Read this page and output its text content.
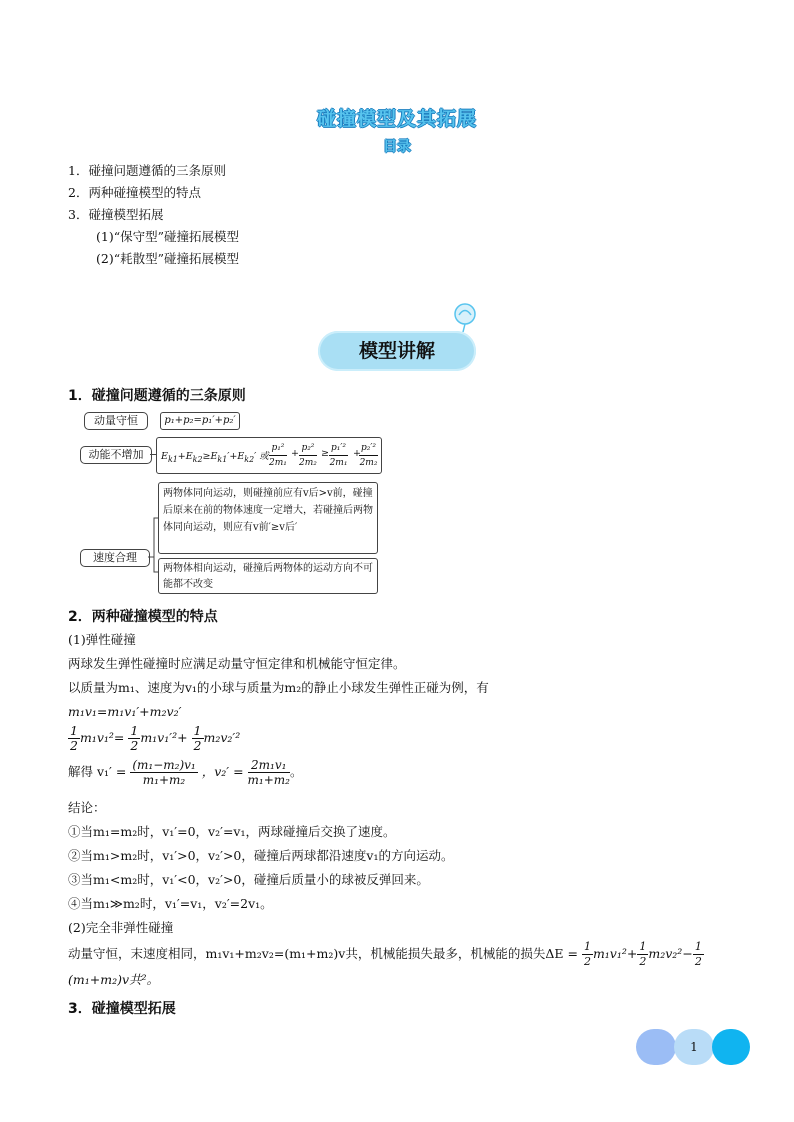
碰撞模型及其拓展
目录
1．碰撞问题遵循的三条原则
2．两种碰撞模型的特点
3．碰撞模型拓展
(1)“保守型”碰撞拓展模型
(2)“耗散型”碰撞拓展模型
模型讲解
1．碰撞问题遵循的三条原则
动量守恒	p₁+p₂=p₁′+p₂′
动能不增加	$E_{k1}+E_{k2}\ge E_{k1}'+E_{k2}'$ 或 $\frac{\text{p₁²}}{\text{2m₁}} + \frac{\text{p₂²}}{\text{2m₂}} \ge \frac{\text{p₁′²}}{\text{2m₁}}$ +
$\frac{\text{p₂′²}}{\text{2m₂}}$
速度合理
两物体同向运动，则碰撞前应有v后>v前，碰撞后原来在前的物体速度一定增大，若碰撞后两物体同向运动，则应有v前′≥v后′
两物体相向运动，碰撞后两物体的运动方向不可能都不改变
2．两种碰撞模型的特点
(1)弹性碰撞
两球发生弹性碰撞时应满足动量守恒定律和机械能守恒定律。
以质量为m₁、速度为v₁的小球与质量为m₂的静止小球发生弹性正碰为例，有
m₁v₁=m₁v₁′+m₂v₂′
$\frac{1}{2} m_1v_1^2= \frac{1}{2} m_1v_1'^2+ \frac{1}{2} m_2v_2'^2$
解得 $v_1' = \frac{\text{(m₁−m₂)v₁}}{\text{m₁+m₂}}$ ，$v_2' = \frac{\text{2m₁v₁}}{\text{m₁+m₂}}$ 。
结论：
①当m₁=m₂时，v₁′=0，v₂′=v₁，两球碰撞后交换了速度。
②当m₁>m₂时，v₁′>0，v₂′>0，碰撞后两球都沿速度v₁的方向运动。
③当m₁<m₂时，v₁′<0，v₂′>0，碰撞后质量小的球被反弹回来。
④当m₁≫m₂时，v₁′=v₁，v₂′=2v₁。
(2)完全非弹性碰撞
动量守恒，末速度相同，m₁v₁+m₂v₂=(m₁+m₂)v共，机械能损失最多，机械能的损失$\Delta E = \frac{1}{2} m_1v_1^2+ \frac{1}{2} m_2v_2^2- \frac{1}{2}$
(m₁+m₂)v共²。
3．碰撞模型拓展
1
